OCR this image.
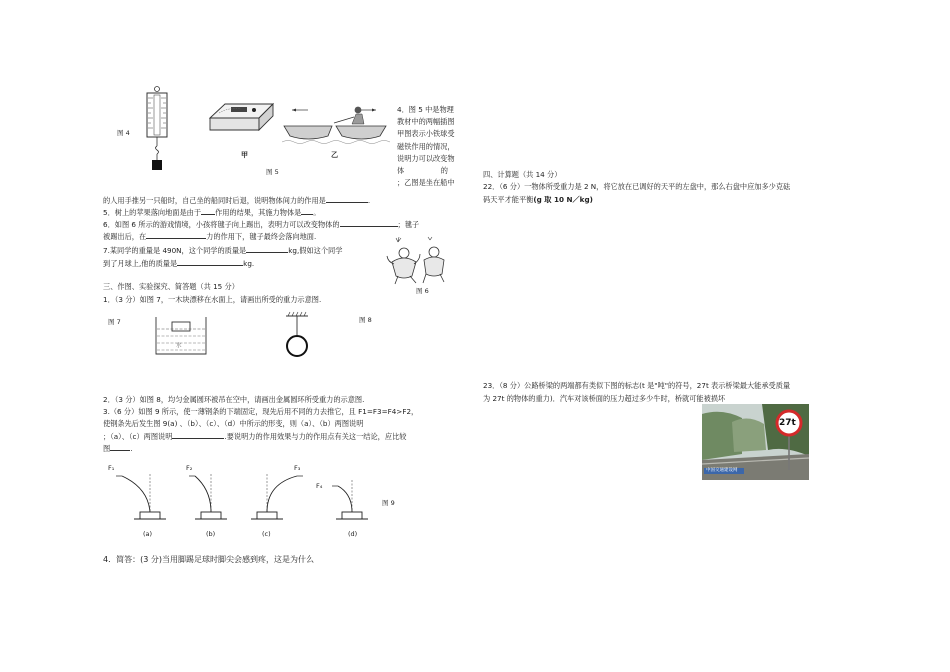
图 4
甲
图 5
乙
4．图 5 中是物理
教材中的两幅插图
甲图表示小铁球受
磁铁作用的情况，
说明力可以改变物
体                的
；乙图是坐在船中
的人用手推另一只船时，自己坐的船同时后退，说明物体间力的作用是	.
5．树上的苹果落向地面是由于 作用的结果，其施力物体是 。
6．如图 6 所示的游戏情境，小孩将毽子向上踢出，表明力可以改变物体的	；毽子
被踢出后，在	力的作用下，毽子最终会落向地面.
7.某同学的重量是 490N，这个同学的质量是	kg,假如这个同学
到了月球上,他的质量是	kg.
图 6
三、作图、实验探究、简答题（共 15 分）
1．（3 分）如图 7，一木块漂移在水面上，请画出所受的重力示意图.
图 7
水
图 8
2．（3 分）如图 8，均匀金属圆环被吊在空中，请画出金属圆环所受重力的示意图.
3.（6 分）如图 9 所示，使一薄钢条的下端固定，现先后用不同的力去推它，且 F1=F3=F4>F2，
使钢条先后发生图 9(a) 、（b）、（c）、（d）中所示的形变，则（a）、（b）两图说明
；（a）、（c）两图说明	.要说明力的作用效果与力的作用点有关这一结论，应比较
图	.
F₁	F₂	F₃
F₄
(a)	(b)	(c)	(d)
图 9
4．简答：(3 分)当用脚踢足球时脚尖会感到疼，这是为什么
四、计算题（共 14 分）
22．（6 分）一物体所受重力是 2 N，将它放在已调好的天平的左盘中，那么右盘中应加多少克砝
码天平才能平衡(g 取 10 N／kg)
23．（8 分）公路桥梁的两端都有类似下图的标志(t 是"吨"的符号，27t 表示桥梁最大能承受质量
为 27t 的物体的重力)．汽车对该桥面的压力超过多少牛时，桥就可能被损坏
27t
中国交通建设网
